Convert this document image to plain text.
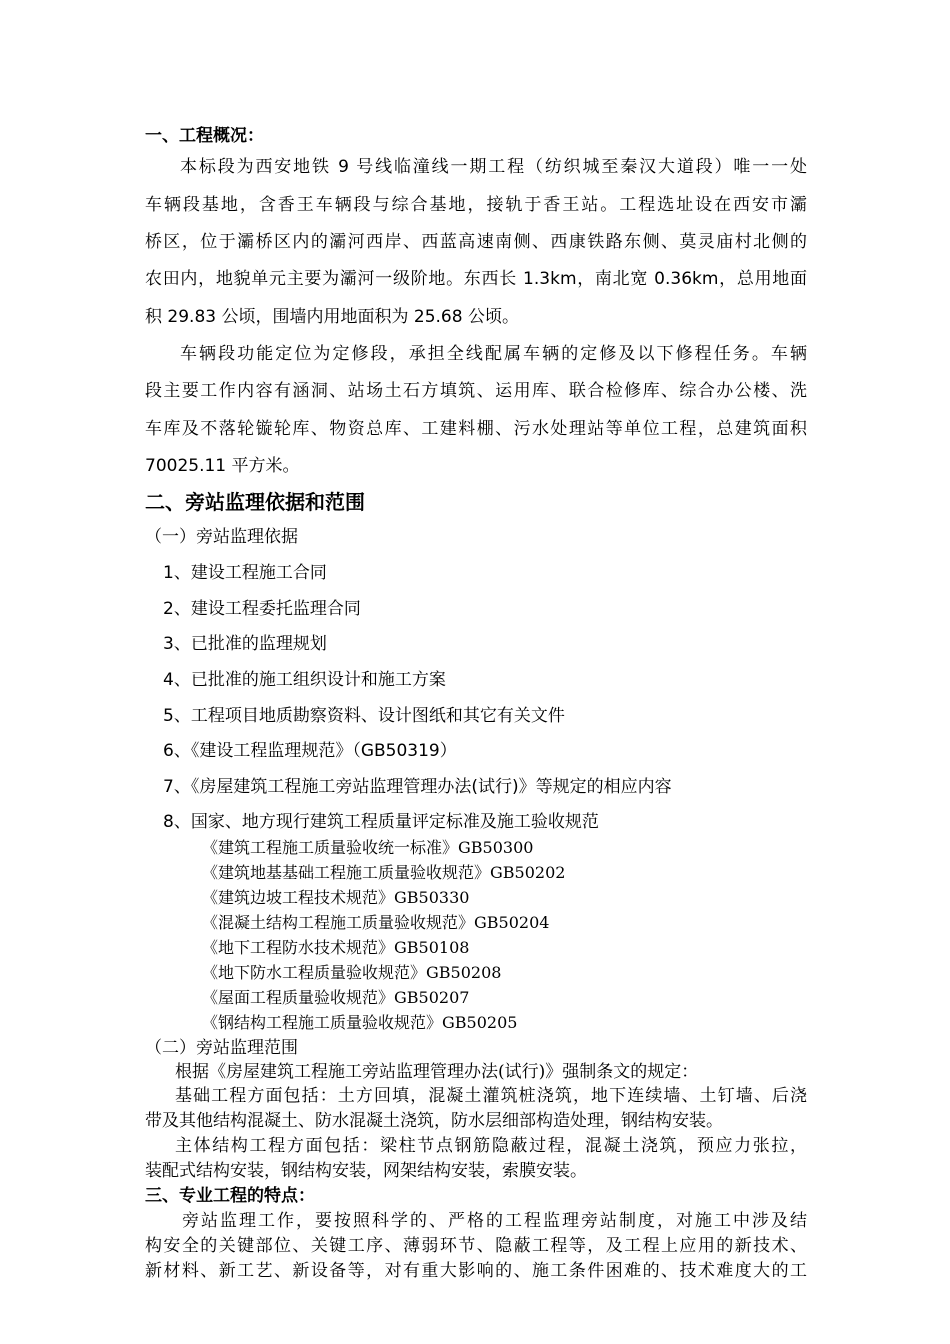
一、工程概况：
本标段为西安地铁 9 号线临潼线一期工程（纺织城至秦汉大道段）唯一一处
车辆段基地，含香王车辆段与综合基地，接轨于香王站。工程选址设在西安市灞
桥区，位于灞桥区内的灞河西岸、西蓝高速南侧、西康铁路东侧、莫灵庙村北侧的
农田内，地貌单元主要为灞河一级阶地。东西长 1.3km，南北宽 0.36km，总用地面
积 29.83 公顷，围墙内用地面积为 25.68 公顷。
车辆段功能定位为定修段，承担全线配属车辆的定修及以下修程任务。车辆
段主要工作内容有涵洞、站场土石方填筑、运用库、联合检修库、综合办公楼、洗
车库及不落轮镟轮库、物资总库、工建料棚、污水处理站等单位工程，总建筑面积
70025.11 平方米。
二、旁站监理依据和范围
（一）旁站监理依据
1、建设工程施工合同
2、建设工程委托监理合同
3、已批准的监理规划
4、已批准的施工组织设计和施工方案
5、工程项目地质勘察资料、设计图纸和其它有关文件
6、《建设工程监理规范》（GB50319）
7、《房屋建筑工程施工旁站监理管理办法(试行)》等规定的相应内容
8、国家、地方现行建筑工程质量评定标准及施工验收规范
《建筑工程施工质量验收统一标准》GB50300
《建筑地基基础工程施工质量验收规范》GB50202
《建筑边坡工程技术规范》GB50330
《混凝土结构工程施工质量验收规范》GB50204
《地下工程防水技术规范》GB50108
《地下防水工程质量验收规范》GB50208
《屋面工程质量验收规范》GB50207
《钢结构工程施工质量验收规范》GB50205
（二）旁站监理范围
根据《房屋建筑工程施工旁站监理管理办法(试行)》强制条文的规定：
基础工程方面包括：土方回填，混凝土灌筑桩浇筑，地下连续墙、土钉墙、后浇
带及其他结构混凝土、防水混凝土浇筑，防水层细部构造处理，钢结构安装。
主体结构工程方面包括：梁柱节点钢筋隐蔽过程，混凝土浇筑，预应力张拉，
装配式结构安装，钢结构安装，网架结构安装，索膜安装。
三、专业工程的特点：
旁站监理工作，要按照科学的、严格的工程监理旁站制度，对施工中涉及结
构安全的关键部位、关键工序、薄弱环节、隐蔽工程等，及工程上应用的新技术、
新材料、新工艺、新设备等，对有重大影响的、施工条件困难的、技术难度大的工
